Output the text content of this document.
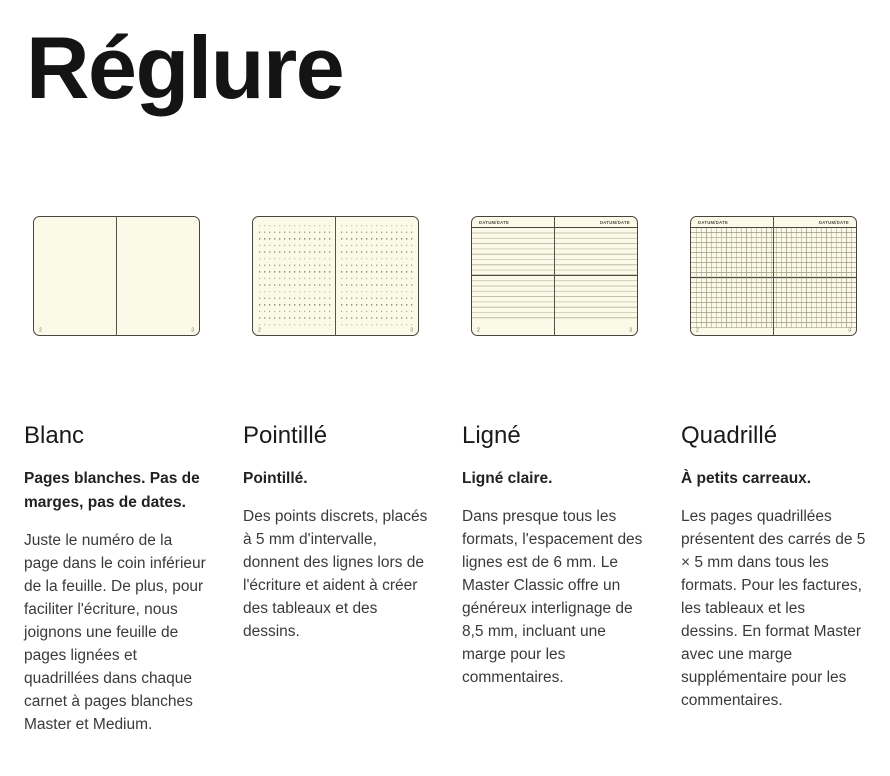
Réglure
2	3
Blanc
Pages blanches. Pas de marges, pas de dates.

Juste le numéro de la page dans le coin inférieur de la feuille. De plus, pour faciliter l'écriture, nous joignons une feuille de pages lignées et quadrillées dans chaque carnet à pages blanches Master et Medium.

2	3
Pointillé
Pointillé.

Des points discrets, placés à 5 mm d'intervalle, donnent des lignes lors de l'écriture et aident à créer des tableaux et des dessins.

DATUM/DATE	DATUM/DATE
2	3
Ligné
Ligné claire.

Dans presque tous les formats, l'espacement des lignes est de 6 mm. Le Master Classic offre un généreux interlignage de 8,5 mm, incluant une marge pour les commentaires.

DATUM/DATE	DATUM/DATE
2	3
Quadrillé
À petits carreaux.

Les pages quadrillées présentent des carrés de 5 × 5 mm dans tous les formats. Pour les factures, les tableaux et les dessins. En format Master avec une marge supplémentaire pour les commentaires.
